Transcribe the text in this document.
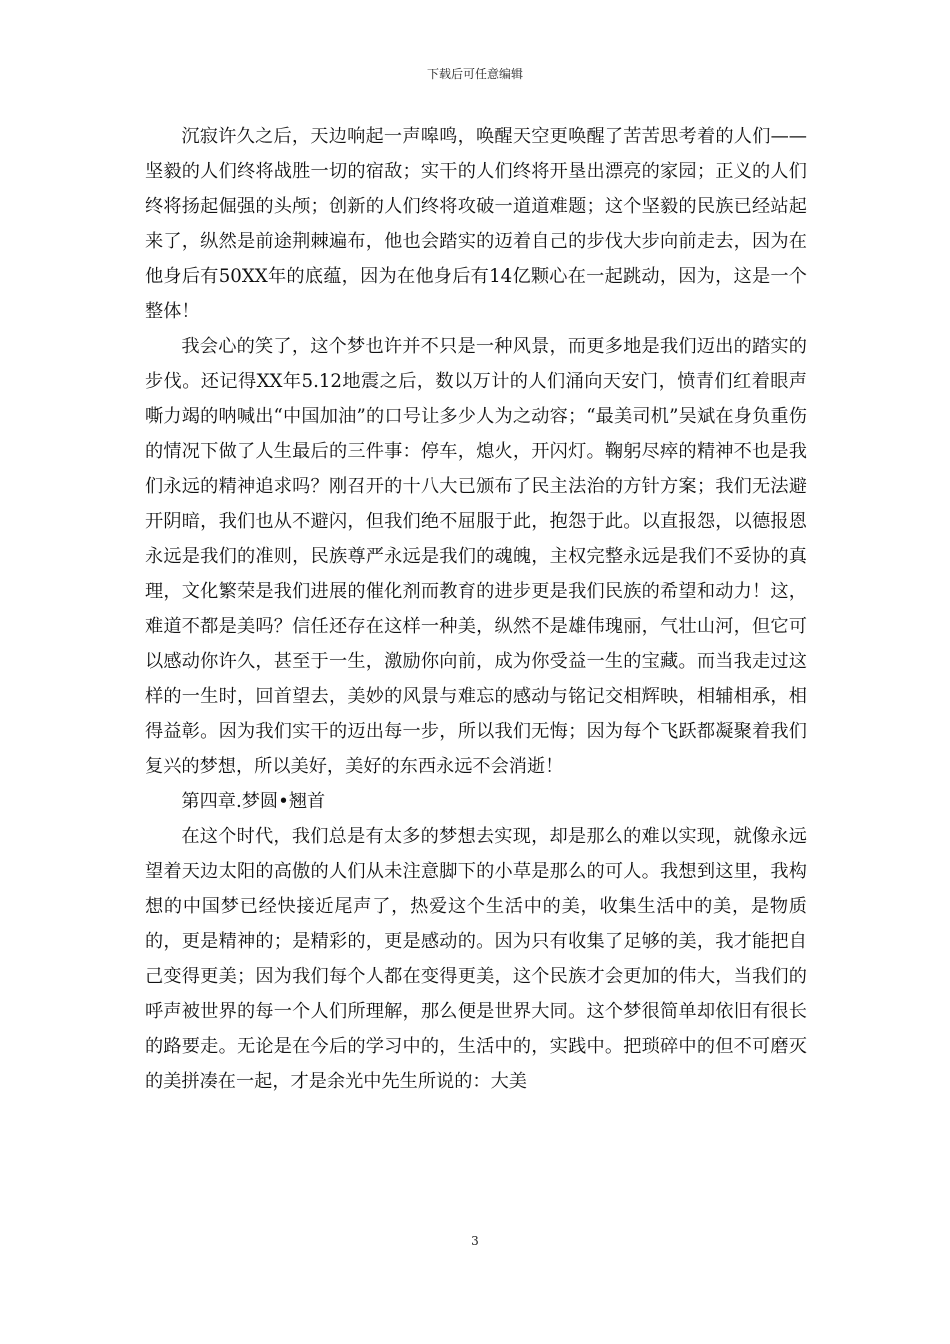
下载后可任意编辑

沉寂许久之后，天边响起一声嗥鸣，唤醒天空更唤醒了苦苦思考着的人们——坚毅的人们终将战胜一切的宿敌；实干的人们终将开垦出漂亮的家园；正义的人们终将扬起倔强的头颅；创新的人们终将攻破一道道难题；这个坚毅的民族已经站起来了，纵然是前途荆棘遍布，他也会踏实的迈着自己的步伐大步向前走去，因为在他身后有50XX年的底蕴，因为在他身后有14亿颗心在一起跳动，因为，这是一个整体！

我会心的笑了，这个梦也许并不只是一种风景，而更多地是我们迈出的踏实的步伐。还记得XX年5.12地震之后，数以万计的人们涌向天安门，愤青们红着眼声嘶力竭的呐喊出“中国加油”的口号让多少人为之动容；“最美司机”吴斌在身负重伤的情况下做了人生最后的三件事：停车，熄火，开闪灯。鞠躬尽瘁的精神不也是我们永远的精神追求吗？刚召开的十八大已颁布了民主法治的方针方案；我们无法避开阴暗，我们也从不避闪，但我们绝不屈服于此，抱怨于此。以直报怨，以德报恩永远是我们的准则，民族尊严永远是我们的魂魄，主权完整永远是我们不妥协的真理，文化繁荣是我们进展的催化剂而教育的进步更是我们民族的希望和动力！这，难道不都是美吗？信任还存在这样一种美，纵然不是雄伟瑰丽，气壮山河，但它可以感动你许久，甚至于一生，激励你向前，成为你受益一生的宝藏。而当我走过这样的一生时，回首望去，美妙的风景与难忘的感动与铭记交相辉映，相辅相承，相得益彰。因为我们实干的迈出每一步，所以我们无悔；因为每个飞跃都凝聚着我们复兴的梦想，所以美好，美好的东西永远不会消逝！

第四章.梦圆•翘首

在这个时代，我们总是有太多的梦想去实现，却是那么的难以实现，就像永远望着天边太阳的高傲的人们从未注意脚下的小草是那么的可人。我想到这里，我构想的中国梦已经快接近尾声了，热爱这个生活中的美，收集生活中的美，是物质的，更是精神的；是精彩的，更是感动的。因为只有收集了足够的美，我才能把自己变得更美；因为我们每个人都在变得更美，这个民族才会更加的伟大，当我们的呼声被世界的每一个人们所理解，那么便是世界大同。这个梦很简单却依旧有很长的路要走。无论是在今后的学习中的，生活中的，实践中。把琐碎中的但不可磨灭的美拼凑在一起，才是余光中先生所说的：大美

3
